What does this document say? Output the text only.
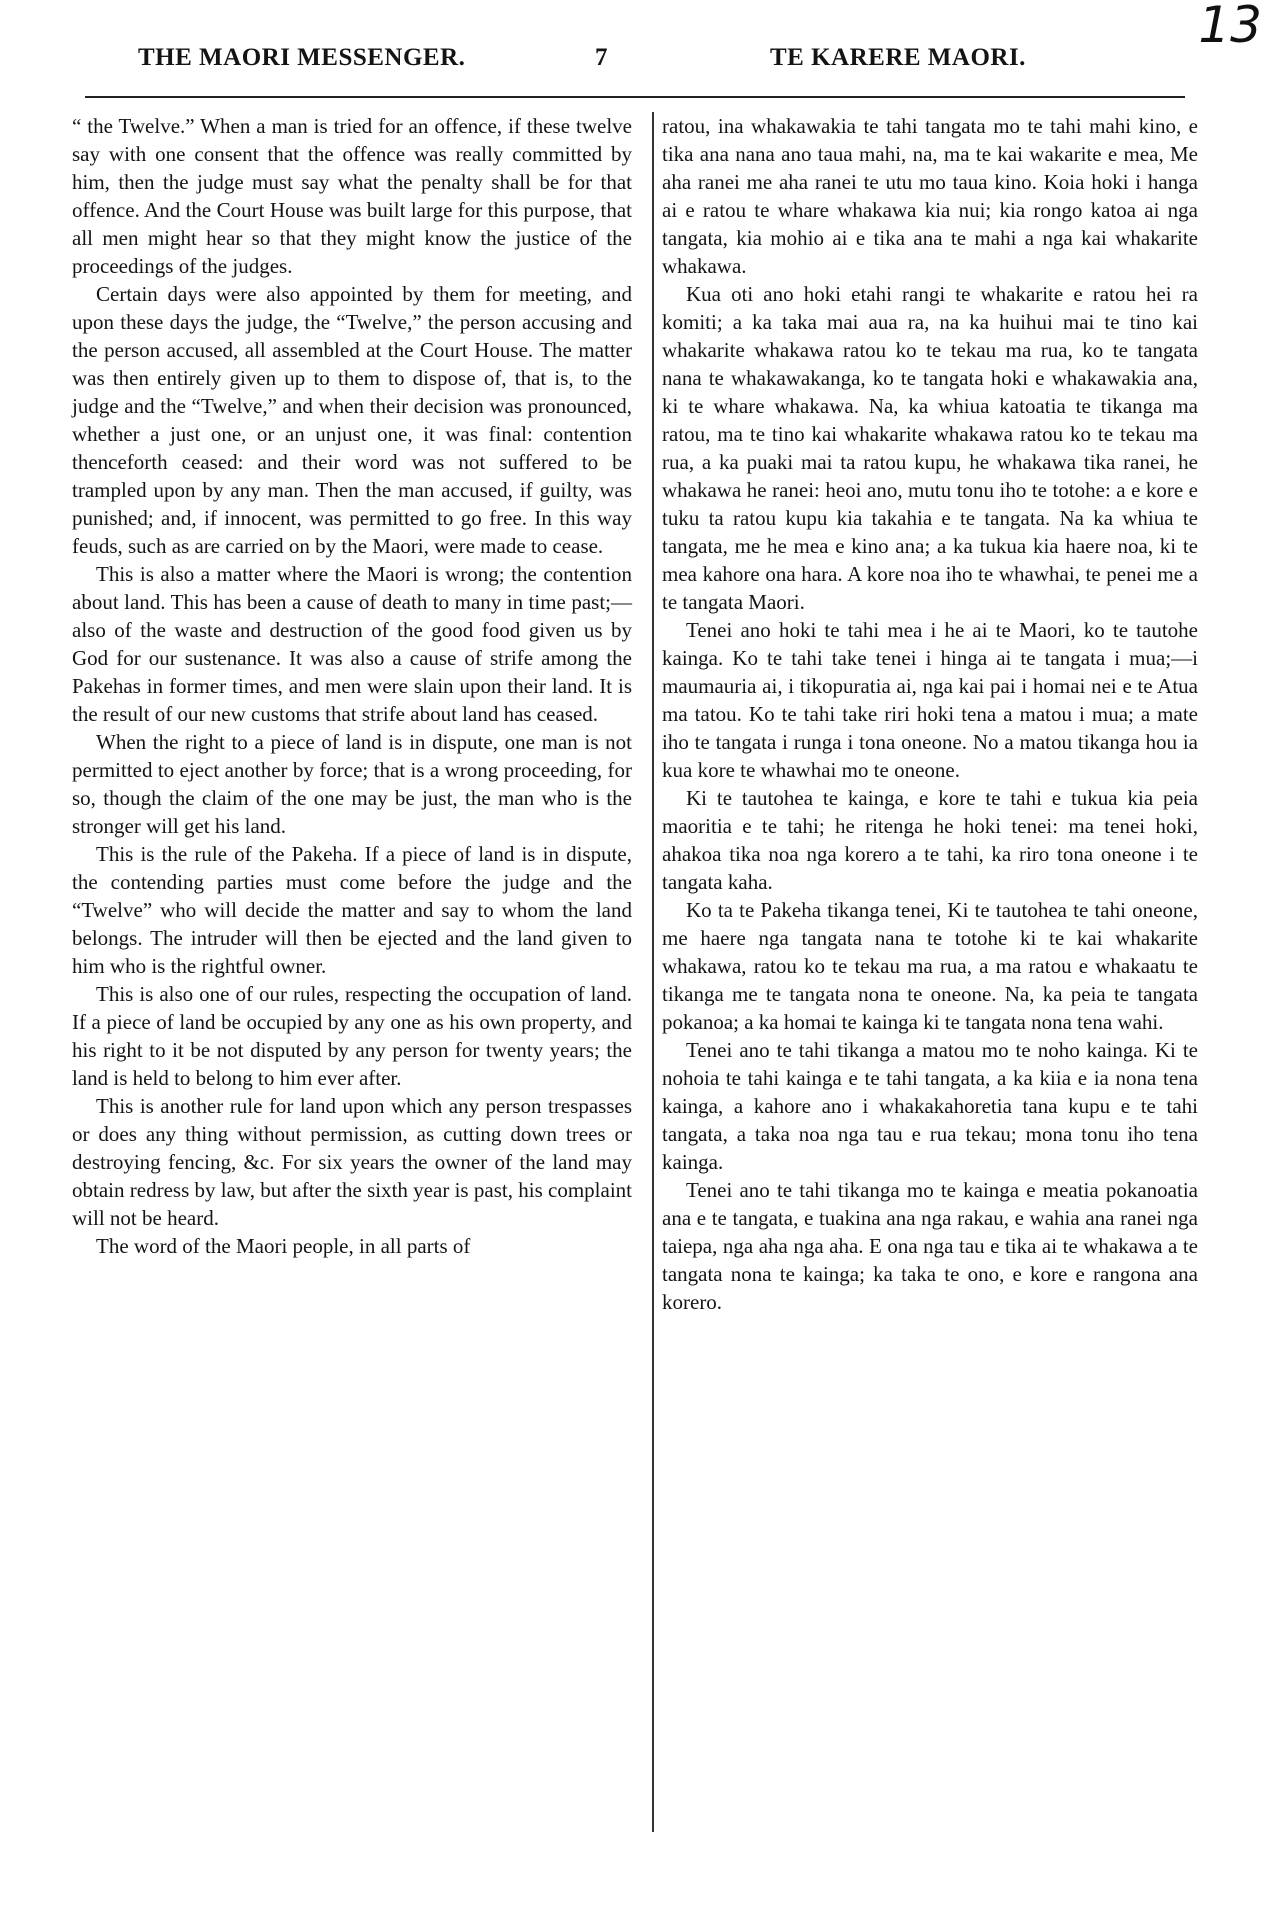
13
THE MAORI MESSENGER.	7	TE KARERE MAORI.

“ the Twelve.” When a man is tried for an offence, if these twelve say with one consent that the offence was really committed by him, then the judge must say what the penalty shall be for that offence. And the Court House was built large for this purpose, that all men might hear so that they might know the justice of the proceedings of the judges.

Certain days were also appointed by them for meeting, and upon these days the judge, the “Twelve,” the person accusing and the person accused, all assembled at the Court House. The matter was then entirely given up to them to dispose of, that is, to the judge and the “Twelve,” and when their decision was pronounced, whether a just one, or an unjust one, it was final: contention thenceforth ceased: and their word was not suffered to be trampled upon by any man. Then the man accused, if guilty, was punished; and, if innocent, was permitted to go free. In this way feuds, such as are carried on by the Maori, were made to cease.

This is also a matter where the Maori is wrong; the contention about land. This has been a cause of death to many in time past;—also of the waste and destruction of the good food given us by God for our sustenance. It was also a cause of strife among the Pakehas in former times, and men were slain upon their land. It is the result of our new customs that strife about land has ceased.

When the right to a piece of land is in dispute, one man is not permitted to eject another by force; that is a wrong proceeding, for so, though the claim of the one may be just, the man who is the stronger will get his land.

This is the rule of the Pakeha. If a piece of land is in dispute, the contending parties must come before the judge and the “Twelve” who will decide the matter and say to whom the land belongs. The intruder will then be ejected and the land given to him who is the rightful owner.

This is also one of our rules, respecting the occupation of land. If a piece of land be occupied by any one as his own property, and his right to it be not disputed by any person for twenty years; the land is held to belong to him ever after.

This is another rule for land upon which any person trespasses or does any thing without permission, as cutting down trees or destroying fencing, &c. For six years the owner of the land may obtain redress by law, but after the sixth year is past, his complaint will not be heard.

The word of the Maori people, in all parts of

ratou, ina whakawakia te tahi tangata mo te tahi mahi kino, e tika ana nana ano taua mahi, na, ma te kai wakarite e mea, Me aha ranei me aha ranei te utu mo taua kino. Koia hoki i hanga ai e ratou te whare whakawa kia nui; kia rongo katoa ai nga tangata, kia mohio ai e tika ana te mahi a nga kai whakarite whakawa.

Kua oti ano hoki etahi rangi te whakarite e ratou hei ra komiti; a ka taka mai aua ra, na ka huihui mai te tino kai whakarite whakawa ratou ko te tekau ma rua, ko te tangata nana te whakawakanga, ko te tangata hoki e whakawakia ana, ki te whare whakawa. Na, ka whiua katoatia te tikanga ma ratou, ma te tino kai whakarite whakawa ratou ko te tekau ma rua, a ka puaki mai ta ratou kupu, he whakawa tika ranei, he whakawa he ranei: heoi ano, mutu tonu iho te totohe: a e kore e tuku ta ratou kupu kia takahia e te tangata. Na ka whiua te tangata, me he mea e kino ana; a ka tukua kia haere noa, ki te mea kahore ona hara. A kore noa iho te whawhai, te penei me a te tangata Maori.

Tenei ano hoki te tahi mea i he ai te Maori, ko te tautohe kainga. Ko te tahi take tenei i hinga ai te tangata i mua;—i maumauria ai, i tikopuratia ai, nga kai pai i homai nei e te Atua ma tatou. Ko te tahi take riri hoki tena a matou i mua; a mate iho te tangata i runga i tona oneone. No a matou tikanga hou ia kua kore te whawhai mo te oneone.

Ki te tautohea te kainga, e kore te tahi e tukua kia peia maoritia e te tahi; he ritenga he hoki tenei: ma tenei hoki, ahakoa tika noa nga korero a te tahi, ka riro tona oneone i te tangata kaha.

Ko ta te Pakeha tikanga tenei, Ki te tautohea te tahi oneone, me haere nga tangata nana te totohe ki te kai whakarite whakawa, ratou ko te tekau ma rua, a ma ratou e whakaatu te tikanga me te tangata nona te oneone. Na, ka peia te tangata pokanoa; a ka homai te kainga ki te tangata nona tena wahi.

Tenei ano te tahi tikanga a matou mo te noho kainga. Ki te nohoia te tahi kainga e te tahi tangata, a ka kiia e ia nona tena kainga, a kahore ano i whakakahoretia tana kupu e te tahi tangata, a taka noa nga tau e rua tekau; mona tonu iho tena kainga.

Tenei ano te tahi tikanga mo te kainga e meatia pokanoatia ana e te tangata, e tuakina ana nga rakau, e wahia ana ranei nga taiepa, nga aha nga aha. E ona nga tau e tika ai te whakawa a te tangata nona te kainga; ka taka te ono, e kore e rangona ana korero.
